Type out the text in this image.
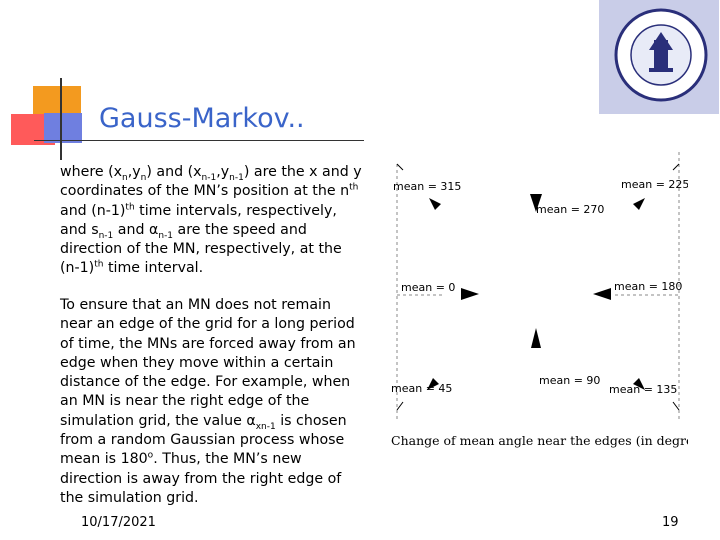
Gauss-Markov..
where $(x_n,y_n)$ and $(x_{n-1},y_{n-1})$ are the x and y coordinates of the MN’s position at the $n^{th}$ and $(n-1)^{th}$ time intervals, respectively, and $s_{n-1}$ and $\alpha_{n-1}$ are the speed and direction of the MN, respectively, at the $(n-1)^{th}$ time interval.
To ensure that an MN does not remain near an edge of the grid for a long period of time, the MNs are forced away from an edge when they move within a certain distance of the edge. For example, when an MN is near the right edge of the simulation grid, the value $\alpha_{xn-1}$ is chosen from a random Gaussian process whose mean is 180$^o$. Thus, the MN’s new direction is away from the right edge of the simulation grid.
mean = 315	mean = 225
mean = 270
mean = 0	mean = 180
mean = 45
mean = 90
mean = 135
Change of mean angle near the edges (in degrees).
10/17/2021	19
